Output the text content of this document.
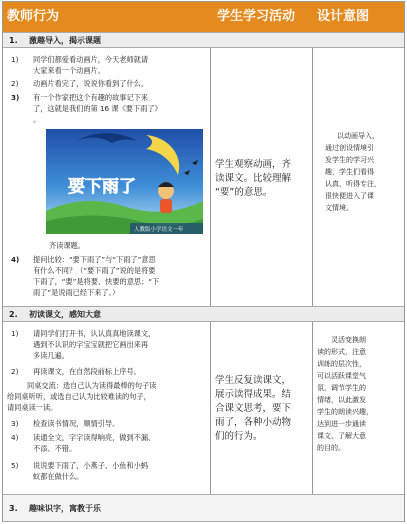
教师行为	学生学习活动	设计意图
1. 激趣导入，揭示课题
1) 同学们都爱看动画片，今天老师就请
大家来看一个动画片。
2) 动画片看完了，说说你看到了什么。
3) 有一个作家把这个有趣的故事记下来
了，这就是我们的第 16 课《要下雨了》
。
要下雨了
人教版小学语文一年
齐读课题。
4) 提问比较：“要下雨了”与“下雨了”意思
有什么不同？（“要下雨了”说的是将要
下雨了，“要”是将要、快要的意思；“下
雨了”是说雨已经下来了。）
学生观察动画，齐
读课文。比较理解
“要”的意思。
以动画导入，
通过创设情境引
发学生的学习兴
趣，学生们看得
认真，听得专注，
很快便进入了课
文情境。
2. 初读课文，感知大意
1) 请同学们打开书，认认真真地读课文，
遇到不认识的字宝宝就把它画出来再
多读几遍。
2) 再读课文，在自然段前标上序号。
同桌交流：选自己认为读得最棒的句子读
给同桌听听，或选自己认为比较难读的句子，
请同桌读一读。
3) 检查读书情况，顺情引导。
4) 读通全文，字字读得响亮，做到不漏、
不添、不错。
5) 说说要下雨了，小燕子、小鱼和小蚂
蚁都在做什么。
学生反复读课文，
展示读得成果。结
合课文思考，要下
雨了，各种小动物
们的行为。
灵活变换朗
读的形式，注意
训练的层次性，
可以活跃课堂气
氛，调节学生的
情绪，以此激发
学生的朗读兴趣，
达到进一步通读
课文，了解大意
的目的。
3. 趣味识字，寓教于乐
